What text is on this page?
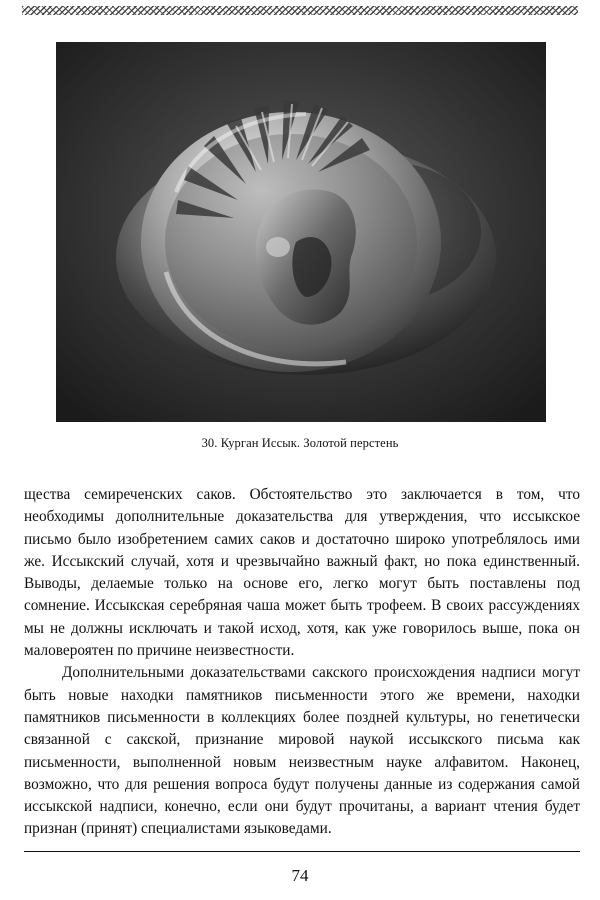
30. Курган Иссык. Золотой перстень

щества семиреченских саков. Обстоятельство это заключается в том, что необходимы дополнительные доказательства для утверждения, что иссыкское письмо было изобретением самих саков и достаточно широко употреблялось ими же. Иссыкский случай, хотя и чрезвычайно важный факт, но пока единственный. Выводы, делаемые только на основе его, легко могут быть поставлены под сомнение. Иссыкская серебряная чаша может быть трофеем. В своих рассуждениях мы не должны исключать и такой исход, хотя, как уже говорилось выше, пока он маловероятен по причине неизвестности.

Дополнительными доказательствами сакского происхождения надписи могут быть новые находки памятников письменности этого же времени, находки памятников письменности в коллекциях более поздней культуры, но генетически связанной с сакской, признание мировой наукой иссыкского письма как письменности, выполненной новым неизвестным науке алфавитом. Наконец, возможно, что для решения вопроса будут получены данные из содержания самой иссыкской надписи, конечно, если они будут прочитаны, а вариант чтения будет признан (принят) специалистами языковедами.

74
